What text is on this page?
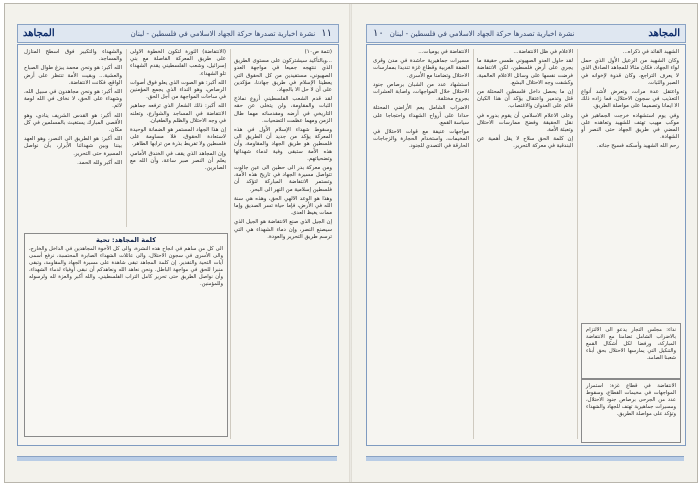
١١
نشرة اخبارية تصدرها حركة الجهاد الاسلامي في فلسطين - لبنان
المجاهد

(تتمة ص١٠)

...وبالتأكيد سيشتركون على مستوى الطريق الذي ننتهجه جميعا في مواجهة العدو الصهيوني، مستفيدين من كل الحقوق التي يعطينا الإسلام في طريق جهادنا، مؤكدين على أن لا حل الا بالجهاد.

لقد قدم الشعب الفلسطيني أروع نماذج الثبات والمقاومة، ولن يتخلى عن حقه التاريخي في أرضه ومقدساته مهما طال الزمن ومهما عظمت التضحيات.

وسقوط شهداء الإسلام الأول في هذه المعركة يؤكد من جديد أن الطريق الى فلسطين هو طريق الجهاد والمقاومة، وأن هذه الأمة ستبقى وفية لدماء شهدائها وتضحياتهم.

ومن معركة بدر الى حطين الى عين جالوت تتواصل مسيرة الجهاد في تاريخ هذه الأمة، وتستمر الانتفاضة المباركة لتؤكد أن فلسطين إسلامية من النهر الى البحر.

وهذا هو الوعد الالهي الحق، وهذه هي سنة الله في الأرض، فإما حياة تسر الصديق وإما ممات يغيظ العدى.

إن الجيل الذي صنع الانتفاضة هو الجيل الذي سيصنع النصر، وإن دماء الشهداء هي التي ترسم طريق التحرير والعودة.

(الانتفاضة) الثورة لتكون الخطوة الأولى على طريق المعركة الفاصلة مع بني إسرائيل، وشعب الفلسطيني يقدم الشهداء تلو الشهداء.

الله أكبر: هو الصوت الذي يعلو فوق أصوات الرصاص، وهو النداء الذي يجمع المؤمنين في ساحات المواجهة من أجل الحق.

الله أكبر: ذلك الشعار الذي ترفعه جماهير الانتفاضة في المساجد والشوارع، وتعلنه في وجه الاحتلال والظلم والطغيان.

إن هذا الجهاد المستمر هو الضمانة الوحيدة لاستعادة الحقوق، فلا مساومة على فلسطين ولا تفريط بذرة من ترابها الطاهر.

وإن المجاهد الذي يقف في الخندق الأمامي يعلم أن النصر صبر ساعة، وأن الله مع الصابرين.

والشهداء والتكبير فوق اسطح المنازل والمساجد.

الله أكبر: هو ونحن محمد يبزغ طوال الصباح والعشية... وبقيت الأمة تنتظر على أرض الواقع، فكانت الانتفاضة.

الله أكبر: هو ونحن مجاهدون في سبيل الله، وشهداء على الحق، لا نخاف في الله لومة لائم.

الله أكبر: هو القدس الشريف ينادي، وهو الأقصى المبارك يستغيث بالمسلمين في كل مكان.

الله أكبر: هو الطريق الى النصر، وهو العهد بيننا وبين شهدائنا الأبرار، بأن نواصل المسيرة حتى التحرير.

الله أكبر ولله الحمد.

كلمة المجاهد: تحية
الى كل من ساهم في انجاح هذه النشرة، والى كل الأخوة المجاهدين في الداخل والخارج، والى الأسرى في سجون الاحتلال، والى عائلات الشهداء الصابرة المحتسبة، نرفع أسمى آيات التحية والتقدير. إن كلمة المجاهد تبقى شاهدة على مسيرة الجهاد والمقاومة، وتبقى منبرا للحق في مواجهة الباطل. ونحن نعاهد الله ونعاهدكم أن نبقى أوفياء لدماء الشهداء، وأن نواصل الطريق حتى تحرير كامل التراب الفلسطيني. والله أكبر والعزة لله ولرسوله وللمؤمنين.
المجاهد
نشرة اخبارية تصدرها حركة الجهاد الاسلامي في فلسطين - لبنان
١٠

الشهيد القائد في ذكراه...

وكان الشهيد من الرعيل الأول الذي حمل لواء الجهاد، فكان مثالا للمجاهد الصادق الذي لا يعرف التراجع، وكان قدوة لإخوانه في الصبر والثبات.

واعتقل عدة مرات، وتعرض لأشد أنواع التعذيب في سجون الاحتلال، فما زاده ذلك الا ايمانا وتصميما على مواصلة الطريق.

وفي يوم استشهاده خرجت الجماهير في موكب مهيب تهتف للشهيد وتعاهده على المضي في طريق الجهاد حتى النصر أو الشهادة.

رحم الله الشهيد وأسكنه فسيح جناته.

نداء: مجلس التجار يدعو الى الالتزام بالاضراب الشامل تضامنا مع الانتفاضة المباركة، ورفضا لكل أشكال القمع والتنكيل التي يمارسها الاحتلال بحق أبناء شعبنا الصامد.
الانتفاضة في قطاع غزة: استمرار المواجهات في مخيمات القطاع، وسقوط عدد من الجرحى برصاص جنود الاحتلال، ومسيرات جماهيرية تهتف للجهاد والشهداء وتؤكد على مواصلة الطريق.

الاعلام في ظل الانتفاضة...

لقد حاول العدو الصهيوني طمس حقيقة ما يجري على أرض فلسطين، لكن الانتفاضة فرضت نفسها على وسائل الاعلام العالمية، وكشفت وجه الاحتلال البشع.

إن ما يحصل داخل فلسطين المحتلة من قتل وتدمير واعتقال يؤكد أن هذا الكيان قائم على العدوان والاغتصاب.

وعلى الاعلام الاسلامي أن يقوم بدوره في نقل الحقيقة وفضح ممارسات الاحتلال وتعبئة الأمة.

إن كلمة الحق سلاح لا يقل أهمية عن البندقية في معركة التحرير.

الانتفاضة في يوميات...

مسيرات جماهيرية حاشدة في مدن وقرى الضفة الغربية وقطاع غزة تنديدا بممارسات الاحتلال وتضامنا مع الأسرى.

استشهاد عدد من الشبان برصاص جنود الاحتلال خلال المواجهات، واصابة العشرات بجروح مختلفة.

الاضراب الشامل يعم الأراضي المحتلة حدادا على أرواح الشهداء واحتجاجا على سياسة القمع.

مواجهات عنيفة مع قوات الاحتلال في المخيمات، واستخدام الحجارة والزجاجات الحارقة في التصدي للجنود.
